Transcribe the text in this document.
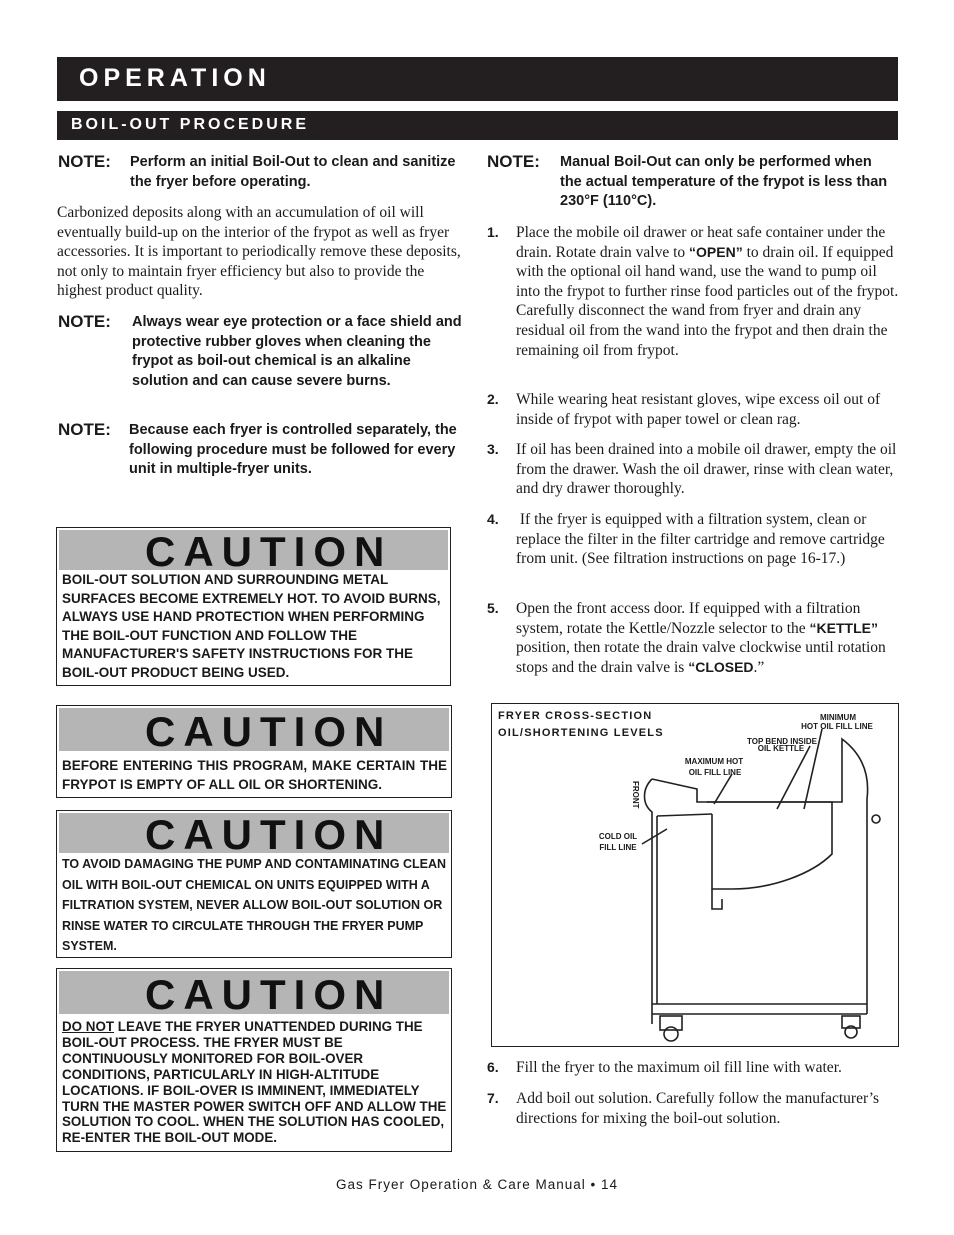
OPERATION
BOIL-OUT PROCEDURE
NOTE: Perform an initial Boil-Out to clean and sanitize the fryer before operating.
Carbonized deposits along with an accumulation of oil will eventually build-up on the interior of the frypot as well as fryer accessories. It is important to periodically remove these deposits, not only to maintain fryer efficiency but also to provide the highest product quality.
NOTE: Always wear eye protection or a face shield and protective rubber gloves when cleaning the frypot as boil-out chemical is an alkaline solution and can cause severe burns.
NOTE: Because each fryer is controlled separately, the following procedure must be followed for every unit in multiple-fryer units.
CAUTION
BOIL-OUT SOLUTION AND SURROUNDING METAL SURFACES BECOME EXTREMELY HOT. TO AVOID BURNS, ALWAYS USE HAND PROTECTION WHEN PERFORMING THE BOIL-OUT FUNCTION AND FOLLOW THE MANUFACTURER'S SAFETY INSTRUCTIONS FOR THE BOIL-OUT PRODUCT BEING USED.
CAUTION
BEFORE ENTERING THIS PROGRAM, MAKE CERTAIN THE FRYPOT IS EMPTY OF ALL OIL OR SHORTENING.
CAUTION
TO AVOID DAMAGING THE PUMP AND CONTAMINATING CLEAN OIL WITH BOIL-OUT CHEMICAL ON UNITS EQUIPPED WITH A FILTRATION SYSTEM, NEVER ALLOW BOIL-OUT SOLUTION OR RINSE WATER TO CIRCULATE THROUGH THE FRYER PUMP SYSTEM.
CAUTION
DO NOT LEAVE THE FRYER UNATTENDED DURING THE BOIL-OUT PROCESS. THE FRYER MUST BE CONTINUOUSLY MONITORED FOR BOIL-OVER CONDITIONS, PARTICULARLY IN HIGH-ALTITUDE LOCATIONS. IF BOIL-OVER IS IMMINENT, IMMEDIATELY TURN THE MASTER POWER SWITCH OFF AND ALLOW THE SOLUTION TO COOL. WHEN THE SOLUTION HAS COOLED, RE-ENTER THE BOIL-OUT MODE.
NOTE: Manual Boil-Out can only be performed when the actual temperature of the frypot is less than 230°F (110°C).
1. Place the mobile oil drawer or heat safe container under the drain. Rotate drain valve to “OPEN” to drain oil. If equipped with the optional oil hand wand, use the wand to pump oil into the frypot to further rinse food particles out of the frypot. Carefully disconnect the wand from fryer and drain any residual oil from the wand into the frypot and then drain the remaining oil from frypot.
2. While wearing heat resistant gloves, wipe excess oil out of inside of frypot with paper towel or clean rag.
3. If oil has been drained into a mobile oil drawer, empty the oil from the drawer. Wash the oil drawer, rinse with clean water, and dry drawer thoroughly.
4. If the fryer is equipped with a filtration system, clean or replace the filter in the filter cartridge and remove cartridge from unit. (See filtration instructions on page 16-17.)
5. Open the front access door. If equipped with a filtration system, rotate the Kettle/Nozzle selector to the “KETTLE” position, then rotate the drain valve clockwise until rotation stops and the drain valve is “CLOSED.”
FRYER CROSS-SECTION
OIL/SHORTENING LEVELS
MINIMUM
HOT OIL FILL LINE
TOP BEND INSIDE
OIL KETTLE
MAXIMUM HOT
OIL FILL LINE
FRONT
COLD OIL
FILL LINE
6. Fill the fryer to the maximum oil fill line with water.
7. Add boil out solution. Carefully follow the manufacturer’s directions for mixing the boil-out solution.
Gas Fryer Operation & Care Manual • 14
